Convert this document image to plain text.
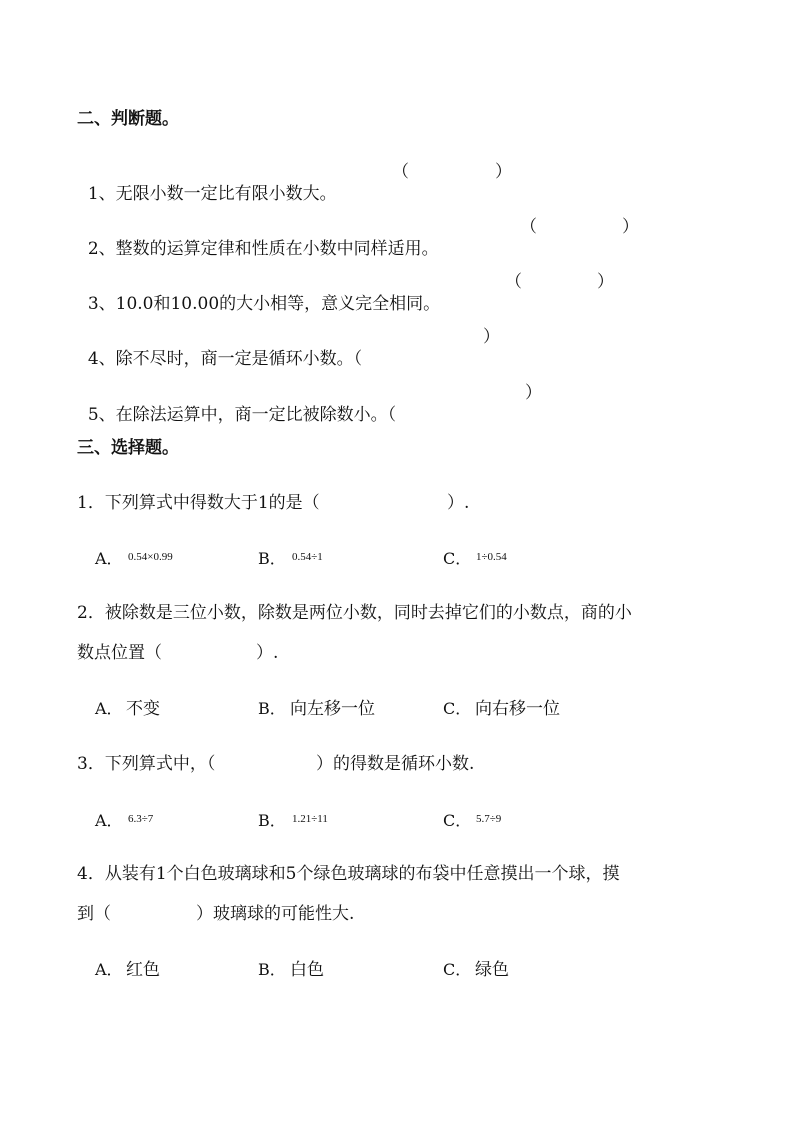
二、判断题。

1、无限小数一定比有限小数大。

（	）

2、整数的运算定律和性质在小数中同样适用。

（	）

3、10.0和10.00的大小相等，意义完全相同。

（	）

4、除不尽时，商一定是循环小数。（

）

5、在除法运算中，商一定比被除数小。（

）
三、选择题。
1．下列算式中得数大于1的是（	）.
A． 0.54×0.99	B． 0.54÷1	C． 1÷0.54
2．被除数是三位小数，除数是两位小数，同时去掉它们的小数点，商的小
数点位置（	）.
A． 不变	B． 向左移一位	C． 向右移一位
3．下列算式中，（	）的得数是循环小数.
A． 6.3÷7	B． 1.21÷11	C． 5.7÷9
4．从装有1个白色玻璃球和5个绿色玻璃球的布袋中任意摸出一个球，摸
到（	）玻璃球的可能性大.
A． 红色	B． 白色	C． 绿色
